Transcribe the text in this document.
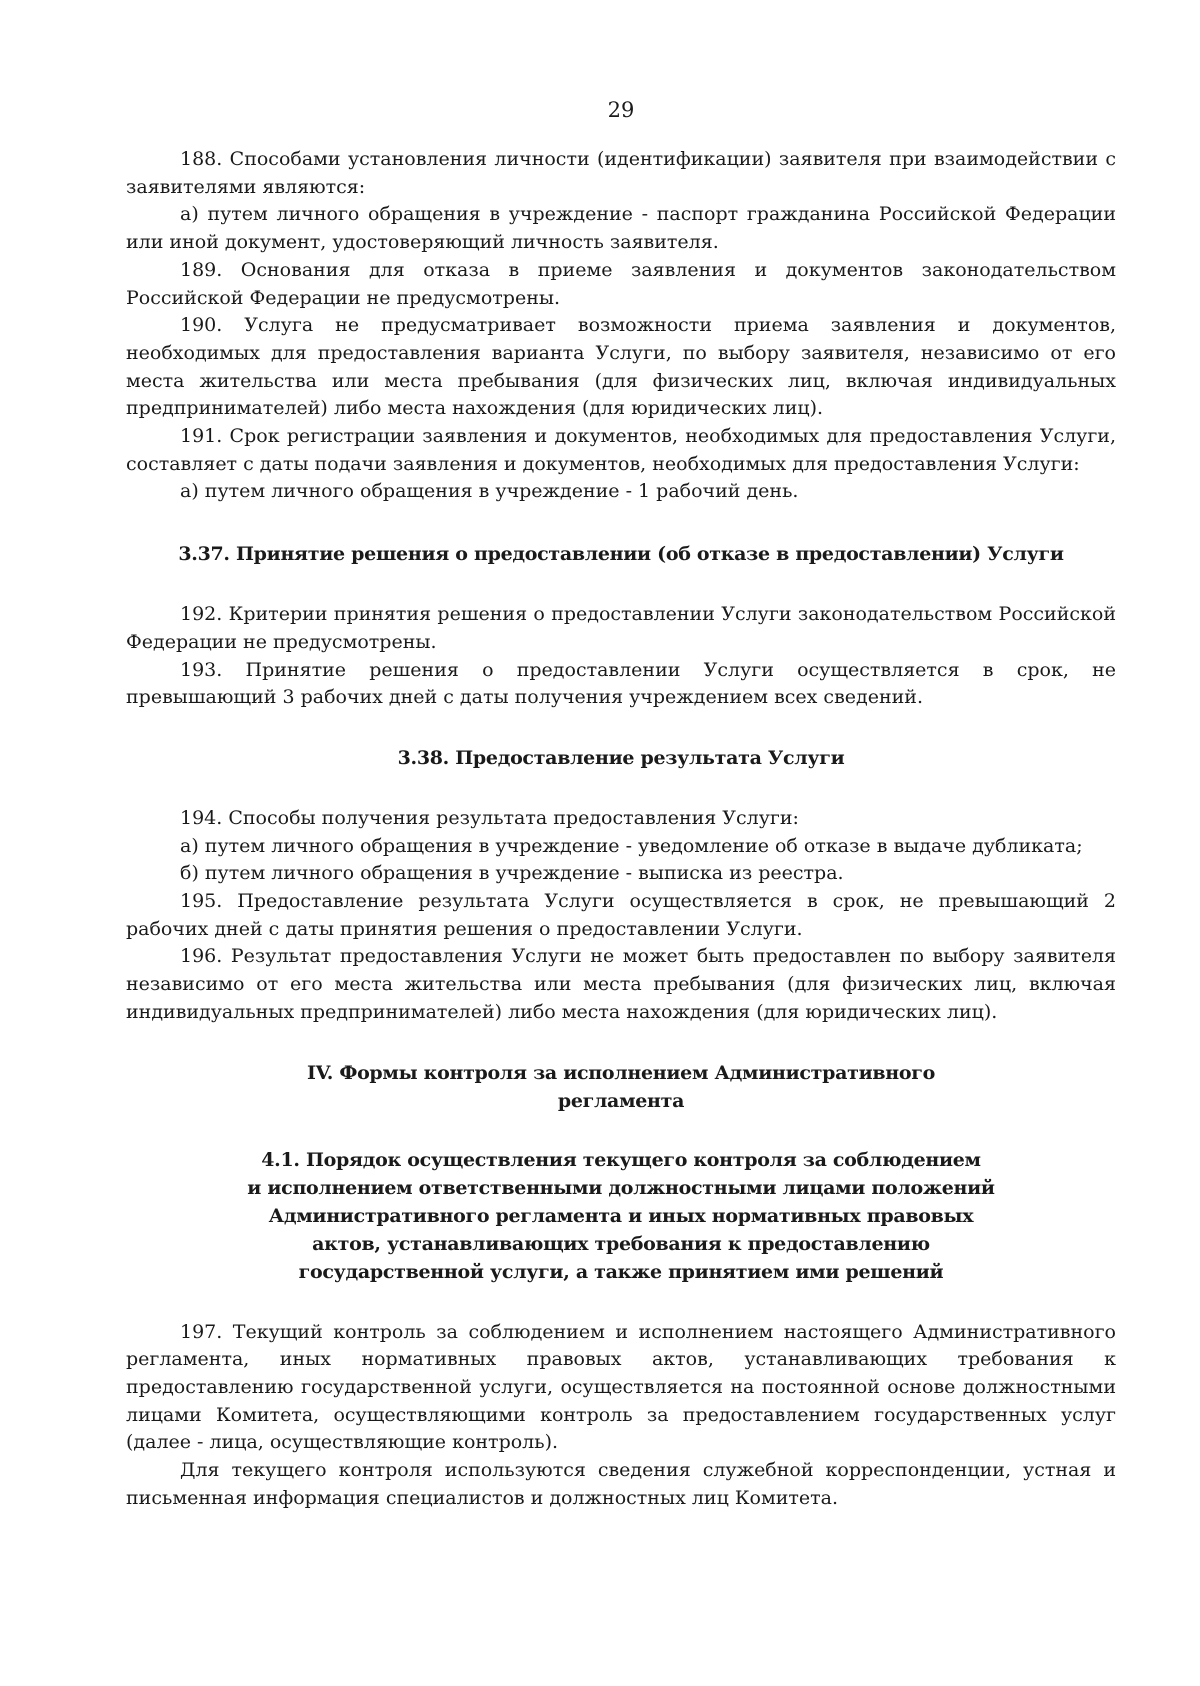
29

188. Способами установления личности (идентификации) заявителя при взаимодействии с заявителями являются:

а) путем личного обращения в учреждение - паспорт гражданина Российской Федерации или иной документ, удостоверяющий личность заявителя.

189. Основания для отказа в приеме заявления и документов законодательством Российской Федерации не предусмотрены.

190. Услуга не предусматривает возможности приема заявления и документов, необходимых для предоставления варианта Услуги, по выбору заявителя, независимо от его места жительства или места пребывания (для физических лиц, включая индивидуальных предпринимателей) либо места нахождения (для юридических лиц).

191. Срок регистрации заявления и документов, необходимых для предоставления Услуги, составляет с даты подачи заявления и документов, необходимых для предоставления Услуги:

а) путем личного обращения в учреждение - 1 рабочий день.

3.37. Принятие решения о предоставлении (об отказе в предоставлении) Услуги

192. Критерии принятия решения о предоставлении Услуги законодательством Российской Федерации не предусмотрены.

193. Принятие решения о предоставлении Услуги осуществляется в срок, не превышающий 3 рабочих дней с даты получения учреждением всех сведений.

3.38. Предоставление результата Услуги

194. Способы получения результата предоставления Услуги:

а) путем личного обращения в учреждение - уведомление об отказе в выдаче дубликата;

б) путем личного обращения в учреждение - выписка из реестра.

195. Предоставление результата Услуги осуществляется в срок, не превышающий 2 рабочих дней с даты принятия решения о предоставлении Услуги.

196. Результат предоставления Услуги не может быть предоставлен по выбору заявителя независимо от его места жительства или места пребывания (для физических лиц, включая индивидуальных предпринимателей) либо места нахождения (для юридических лиц).

IV. Формы контроля за исполнением Административного
регламента
4.1. Порядок осуществления текущего контроля за соблюдением
и исполнением ответственными должностными лицами положений
Административного регламента и иных нормативных правовых
актов, устанавливающих требования к предоставлению
государственной услуги, а также принятием ими решений

197. Текущий контроль за соблюдением и исполнением настоящего Административного регламента, иных нормативных правовых актов, устанавливающих требования к предоставлению государственной услуги, осуществляется на постоянной основе должностными лицами Комитета, осуществляющими контроль за предоставлением государственных услуг (далее - лица, осуществляющие контроль).

Для текущего контроля используются сведения служебной корреспонденции, устная и письменная информация специалистов и должностных лиц Комитета.
